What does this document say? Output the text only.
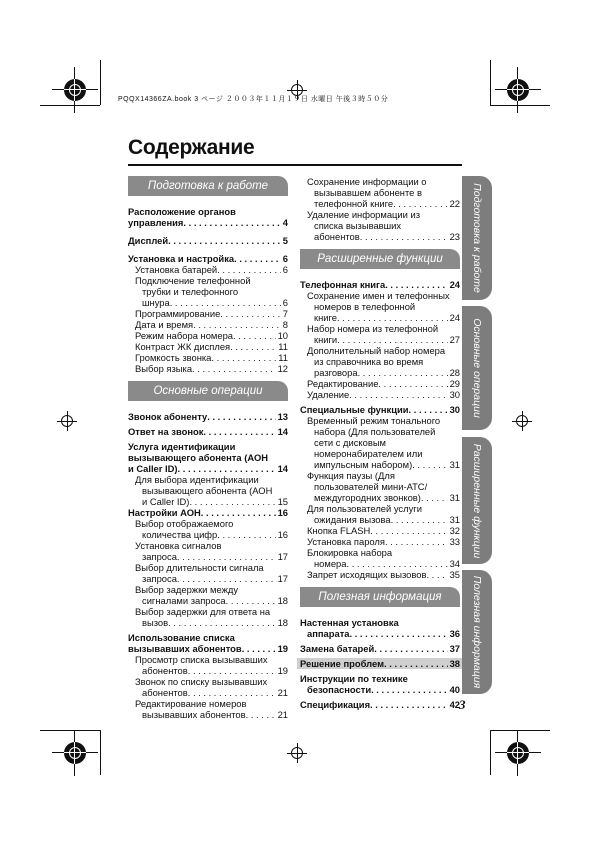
PQQX14366ZA.book 3 ページ ２００３年１１月１９日 水曜日 午後３時５０分
Содержание
Подготовка к работе
Расположение органов
управления . . .	4
Дисплей . . .	5
Установка и настройка . . .	6
Установка батарей . . .	6
Подключение телефонной
трубки и телефонного
шнура . . .	6
Программирование . . .	7
Дата и время . . .	8
Режим набора номера . . .	10
Контраст ЖК дисплея . . .	11
Громкость звонка . . .	11
Выбор языка . . .	12
Основные операции
Звонок абоненту . . .	13
Ответ на звонок . . .	14
Услуга идентификации
вызывающего абонента (АОН
и Caller ID) . . .	14
Для выбора идентификации
вызывающего абонента (АОН
и Caller ID) . . .	15
Настройки АОН . . .	16
Выбор отображаемого
количества цифр . . .	16
Установка сигналов
запроса . . .	17
Выбор длительности сигнала
запроса . . .	17
Выбор задержки между
сигналами запроса . . .	18
Выбор задержки для ответа на
вызов . . .	18
Использование списка
вызывавших абонентов . . .	19
Просмотр списка вызывавших
абонентов . . .	19
Звонок по списку вызывавших
абонентов . . .	21
Редактирование номеров
вызывавших абонентов . . .	21
Сохранение информации о
вызывавшем абоненте в
телефонной книге . . .	22
Удаление информации из
списка вызывавших
абонентов . . .	23
Расширенные функции
Телефонная книга . . .	24
Сохранение имен и телефонных
номеров в телефонной
книге . . .	24
Набор номера из телефонной
книги . . .	27
Дополнительный набор номера
из справочника во время
разговора . . .	28
Редактирование . . .	29
Удаление . . .	30
Специальные функции . . .	30
Временный режим тонального
набора (Для пользователей
сети с дисковым
номеронабирателем или
импульсным набором) . . .	31
Функция паузы (Для
пользователей мини-АТС/
междугородних звонков) . . .	31
Для пользователей услуги
ожидания вызова . . .	31
Кнопка FLASH . . .	32
Установка пароля . . .	33
Блокировка набора
номера . . .	34
Запрет исходящих вызовов . . . 35
Полезная информация
Настенная установка
аппарата . . .	36
Замена батарей . . .	37
Решение проблем . . .	38
Инструкции по технике
безопасности . . .	40
Спецификация . . .	42
Подготовка к работе
Основные операции
Расширенные функции
Полезная информация
3
